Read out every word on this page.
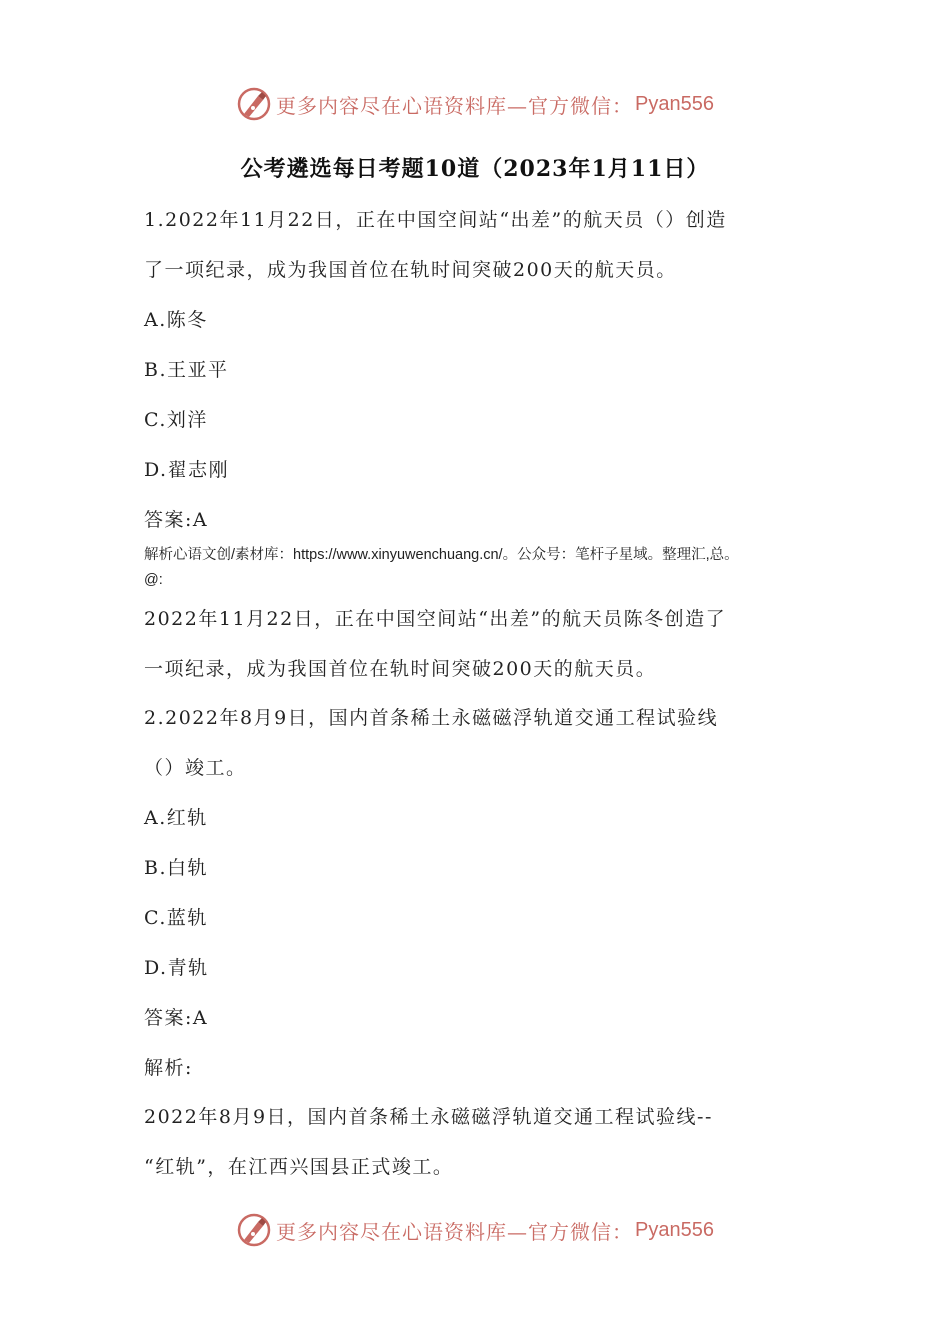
更多内容尽在心语资料库—官方微信： Pyan556
公考遴选每日考题10道（2023年1月11日）
1.2022年11月22日，正在中国空间站“出差”的航天员（）创造
了一项纪录，成为我国首位在轨时间突破200天的航天员。
A.陈冬
B.王亚平
C.刘洋
D.翟志刚
答案:A
解析心语文创/素材库：https://www.xinyuwenchuang.cn/。公众号：笔杆子星域。整理汇,总。
@:
2022年11月22日，正在中国空间站“出差”的航天员陈冬创造了
一项纪录，成为我国首位在轨时间突破200天的航天员。
2.2022年8月9日，国内首条稀土永磁磁浮轨道交通工程试验线
（）竣工。
A.红轨
B.白轨
C.蓝轨
D.青轨
答案:A
解析:
2022年8月9日，国内首条稀土永磁磁浮轨道交通工程试验线--
“红轨”，在江西兴国县正式竣工。
更多内容尽在心语资料库—官方微信： Pyan556
